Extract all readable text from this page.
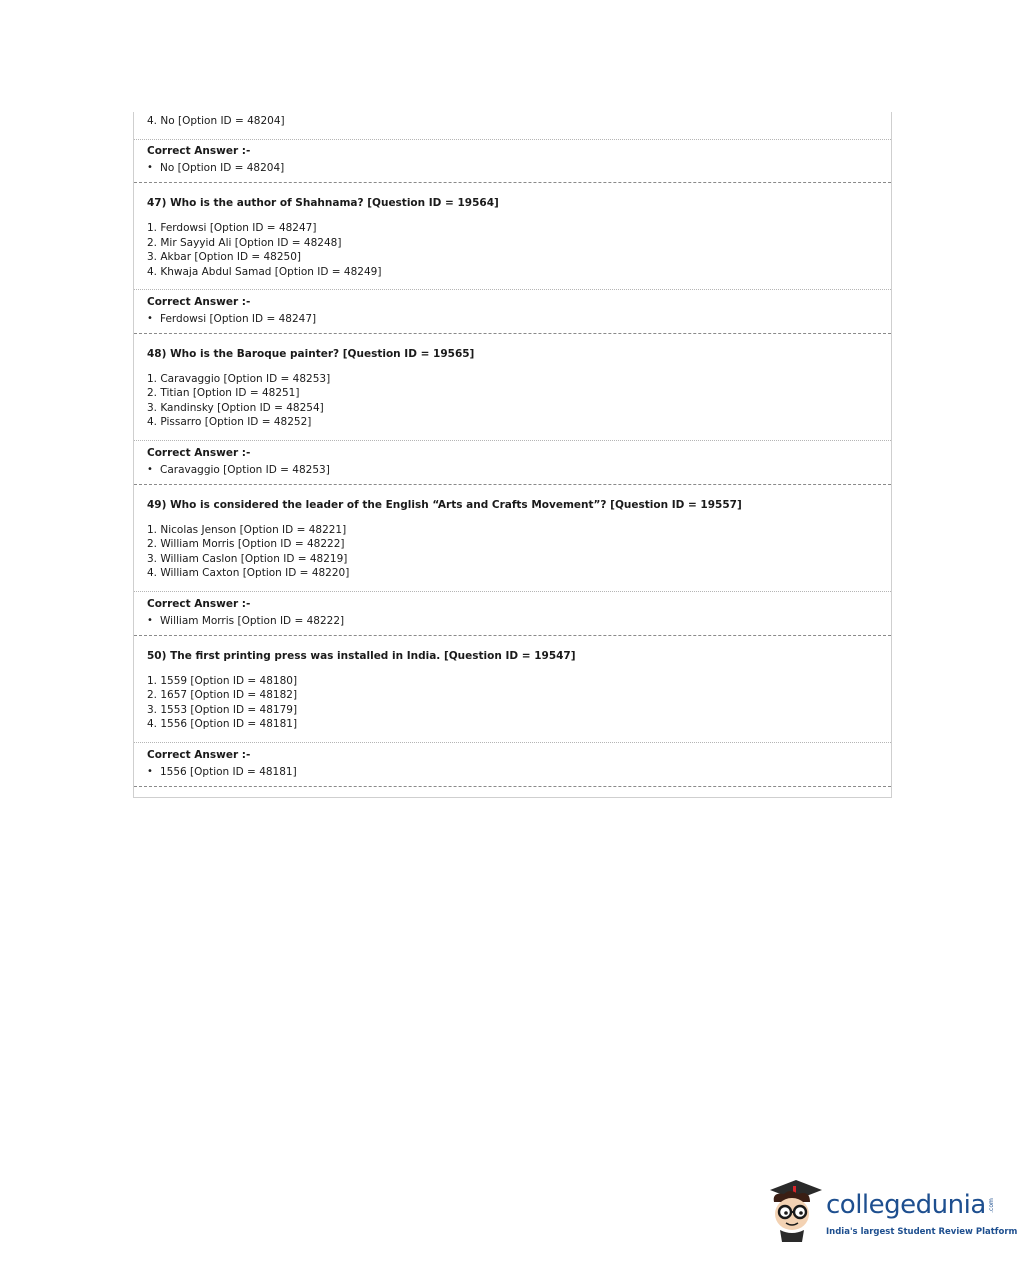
4. No [Option ID = 48204]
Correct Answer :-
• No [Option ID = 48204]
47) Who is the author of Shahnama? [Question ID = 19564]
1. Ferdowsi [Option ID = 48247]
2. Mir Sayyid Ali [Option ID = 48248]
3. Akbar [Option ID = 48250]
4. Khwaja Abdul Samad [Option ID = 48249]
Correct Answer :-
• Ferdowsi [Option ID = 48247]
48) Who is the Baroque painter? [Question ID = 19565]
1. Caravaggio [Option ID = 48253]
2. Titian [Option ID = 48251]
3. Kandinsky [Option ID = 48254]
4. Pissarro [Option ID = 48252]
Correct Answer :-
• Caravaggio [Option ID = 48253]
49) Who is considered the leader of the English “Arts and Crafts Movement”? [Question ID = 19557]
1. Nicolas Jenson [Option ID = 48221]
2. William Morris [Option ID = 48222]
3. William Caslon [Option ID = 48219]
4. William Caxton [Option ID = 48220]
Correct Answer :-
• William Morris [Option ID = 48222]
50) The first printing press was installed in India. [Question ID = 19547]
1. 1559 [Option ID = 48180]
2. 1657 [Option ID = 48182]
3. 1553 [Option ID = 48179]
4. 1556 [Option ID = 48181]
Correct Answer :-
• 1556 [Option ID = 48181]
collegedunia .com
India's largest Student Review Platform
